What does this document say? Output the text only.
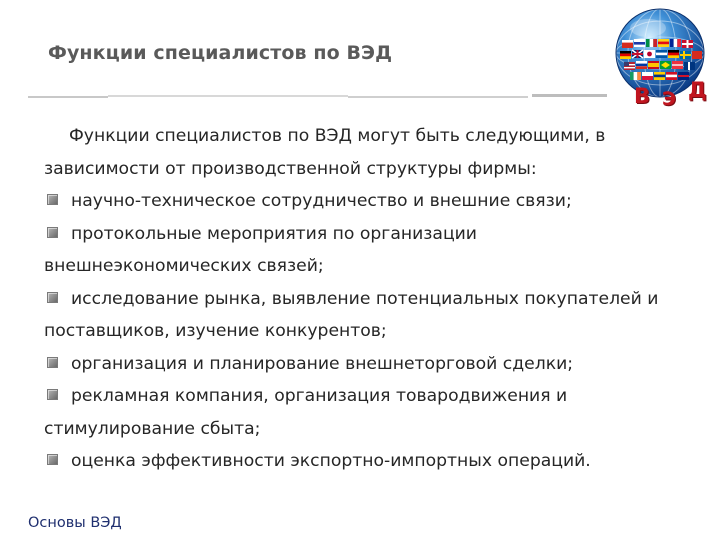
Функции специалистов по ВЭД
В Э Д
Функции специалистов по ВЭД могут быть следующими, в зависимости от производственной структуры фирмы:
научно-техническое сотрудничество и внешние связи;
протокольные мероприятия по организации внешнеэкономических связей;
исследование рынка, выявление потенциальных покупателей и поставщиков, изучение конкурентов;
организация и планирование внешнеторговой сделки;
рекламная компания, организация товародвижения и стимулирование сбыта;
оценка эффективности экспортно-импортных операций.
Основы ВЭД
